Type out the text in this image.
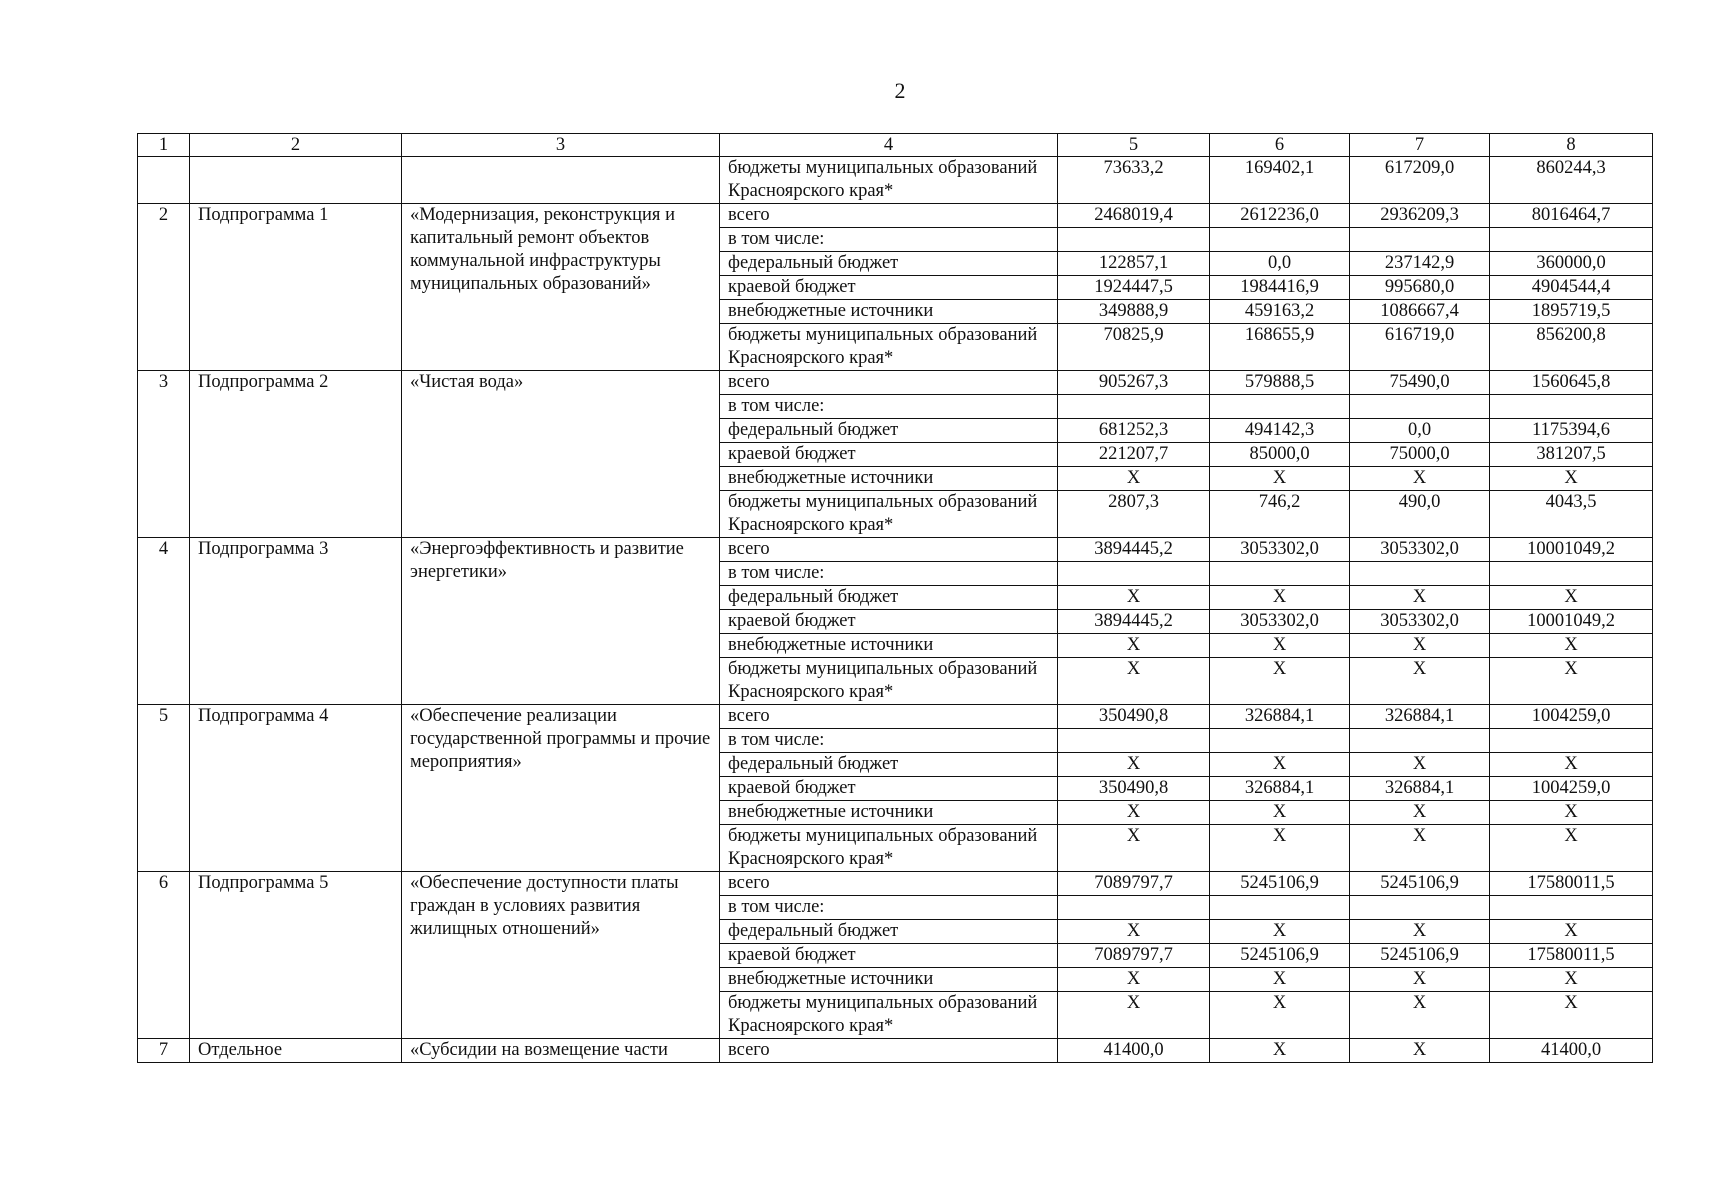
2
1	2	3	4	5	6	7	8
			бюджеты муниципальных образований Красноярского края*	73633,2	169402,1	617209,0	860244,3
2	Подпрограмма 1	«Модернизация, реконструкция и капитальный ремонт объектов коммунальной инфраструктуры муниципальных образований»	всего	2468019,4	2612236,0	2936209,3	8016464,7
			в том числе:				
			федеральный бюджет	122857,1	0,0	237142,9	360000,0
			краевой бюджет	1924447,5	1984416,9	995680,0	4904544,4
			внебюджетные источники	349888,9	459163,2	1086667,4	1895719,5
			бюджеты муниципальных образований Красноярского края*	70825,9	168655,9	616719,0	856200,8
3	Подпрограмма 2	«Чистая вода»	всего	905267,3	579888,5	75490,0	1560645,8
			в том числе:				
			федеральный бюджет	681252,3	494142,3	0,0	1175394,6
			краевой бюджет	221207,7	85000,0	75000,0	381207,5
			внебюджетные источники	X	X	X	X
			бюджеты муниципальных образований Красноярского края*	2807,3	746,2	490,0	4043,5
4	Подпрограмма 3	«Энергоэффективность и развитие энергетики»	всего	3894445,2	3053302,0	3053302,0	10001049,2
			в том числе:				
			федеральный бюджет	X	X	X	X
			краевой бюджет	3894445,2	3053302,0	3053302,0	10001049,2
			внебюджетные источники	X	X	X	X
			бюджеты муниципальных образований Красноярского края*	X	X	X	X
5	Подпрограмма 4	«Обеспечение реализации государственной программы и прочие мероприятия»	всего	350490,8	326884,1	326884,1	1004259,0
			в том числе:				
			федеральный бюджет	X	X	X	X
			краевой бюджет	350490,8	326884,1	326884,1	1004259,0
			внебюджетные источники	X	X	X	X
			бюджеты муниципальных образований Красноярского края*	X	X	X	X
6	Подпрограмма 5	«Обеспечение доступности платы граждан в условиях развития жилищных отношений»	всего	7089797,7	5245106,9	5245106,9	17580011,5
			в том числе:				
			федеральный бюджет	X	X	X	X
			краевой бюджет	7089797,7	5245106,9	5245106,9	17580011,5
			внебюджетные источники	X	X	X	X
			бюджеты муниципальных образований Красноярского края*	X	X	X	X
7	Отдельное	«Субсидии на возмещение части	всего	41400,0	X	X	41400,0
